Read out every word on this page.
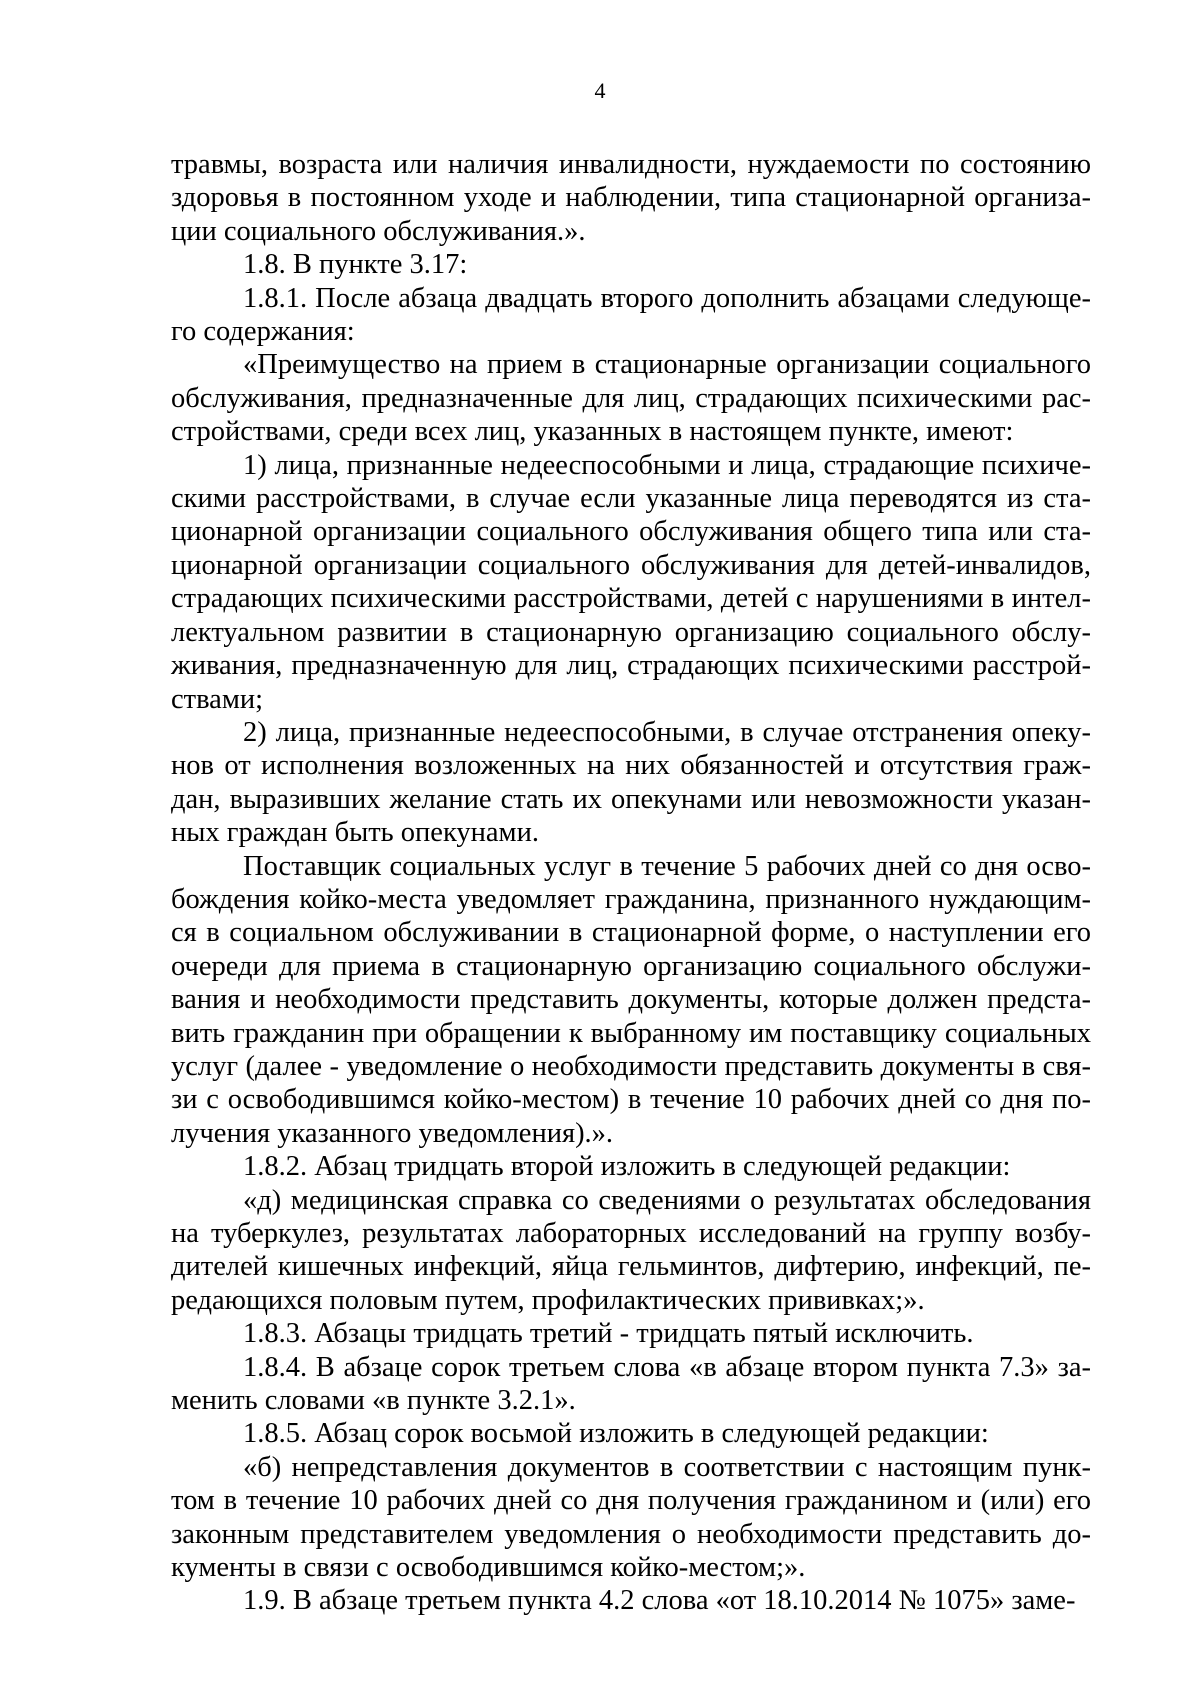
4

травмы, возраста или наличия инвалидности, нуждаемости по состоянию здоровья в постоянном уходе и наблюдении, типа стационарной организации социального обслуживания.».

1.8. В пункте 3.17:

1.8.1. После абзаца двадцать второго дополнить абзацами следующего содержания:

«Преимущество на прием в стационарные организации социального обслуживания, предназначенные для лиц, страдающих психическими расстройствами, среди всех лиц, указанных в настоящем пункте, имеют:

1) лица, признанные недееспособными и лица, страдающие психическими расстройствами, в случае если указанные лица переводятся из стационарной организации социального обслуживания общего типа или стационарной организации социального обслуживания для детей-инвалидов, страдающих психическими расстройствами, детей с нарушениями в интеллектуальном развитии в стационарную организацию социального обслуживания, предназначенную для лиц, страдающих психическими расстройствами;

2) лица, признанные недееспособными, в случае отстранения опекунов от исполнения возложенных на них обязанностей и отсутствия граждан, выразивших желание стать их опекунами или невозможности указанных граждан быть опекунами.

Поставщик социальных услуг в течение 5 рабочих дней со дня освобождения койко-места уведомляет гражданина, признанного нуждающимся в социальном обслуживании в стационарной форме, о наступлении его очереди для приема в стационарную организацию социального обслуживания и необходимости представить документы, которые должен представить гражданин при обращении к выбранному им поставщику социальных услуг (далее - уведомление о необходимости представить документы в связи с освободившимся койко-местом) в течение 10 рабочих дней со дня получения указанного уведомления).».

1.8.2. Абзац тридцать второй изложить в следующей редакции:

«д) медицинская справка со сведениями о результатах обследования на туберкулез, результатах лабораторных исследований на группу возбудителей кишечных инфекций, яйца гельминтов, дифтерию, инфекций, передающихся половым путем, профилактических прививках;».

1.8.3. Абзацы тридцать третий - тридцать пятый исключить.

1.8.4. В абзаце сорок третьем слова «в абзаце втором пункта 7.3» заменить словами «в пункте 3.2.1».

1.8.5. Абзац сорок восьмой изложить в следующей редакции:

«б) непредставления документов в соответствии с настоящим пунктом в течение 10 рабочих дней со дня получения гражданином и (или) его законным представителем уведомления о необходимости представить документы в связи с освободившимся койко-местом;».

1.9. В абзаце третьем пункта 4.2 слова «от 18.10.2014 № 1075» заме-
